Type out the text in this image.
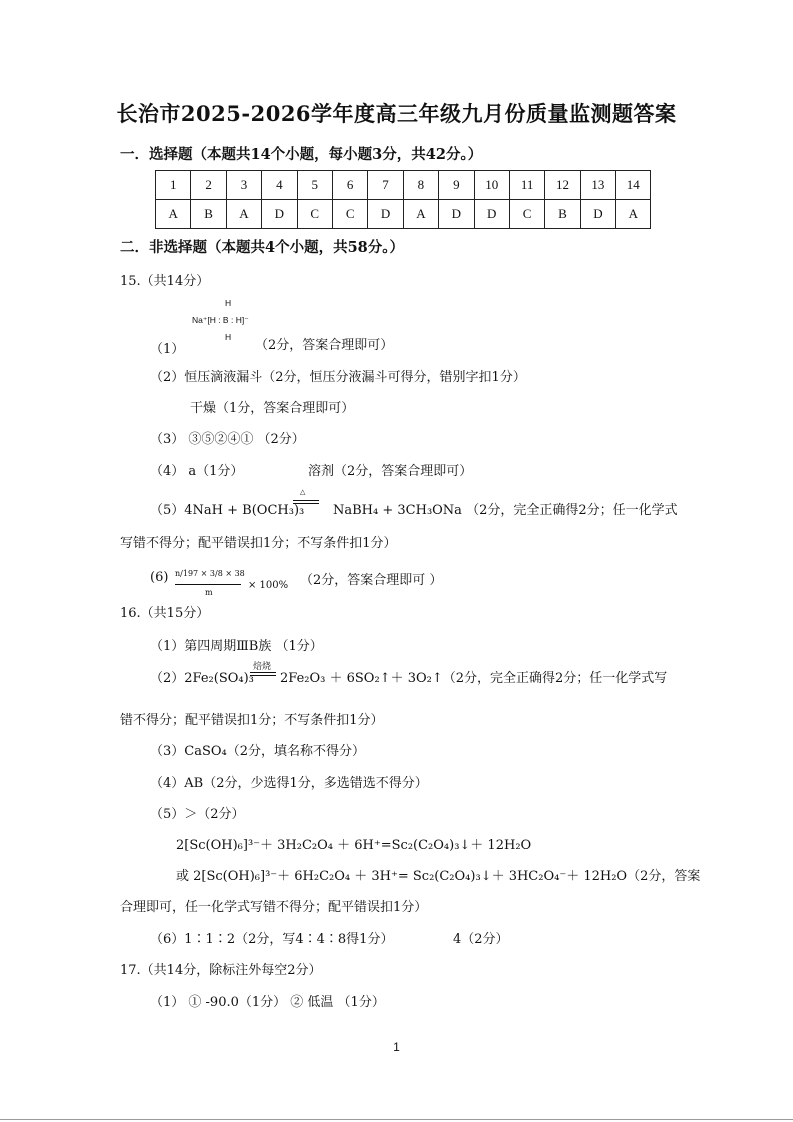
长治市2025-2026学年度高三年级九月份质量监测题答案
一．选择题（本题共14个小题，每小题3分，共42分。）
1	2	3	4	5	6	7	8	9	10	11	12	13	14
A	B	A	D	C	C	D	A	D	D	C	B	D	A
二．非选择题（本题共4个小题，共58分。）
15.（共14分）
H
Na⁺[H : B : H]⁻
H
（1）	（2分，答案合理即可）
（2）恒压滴液漏斗（2分，恒压分液漏斗可得分，错别字扣1分）
干燥（1分，答案合理即可）
（3） ③⑤②④① （2分）
（4） a（1分）	溶剂（2分，答案合理即可）
△
（5）4NaH + B(OCH₃)₃ NaBH₄ + 3CH₃ONa （2分，完全正确得2分；任一化学式
写错不得分；配平错误扣1分；不写条件扣1分）
(6) n/197 × 3/8 × 38
m
× 100% （2分，答案合理即可 ）
16.（共15分）
（1）第四周期ⅢB族 （1分）
焙烧
（2）2Fe₂(SO₄)₃ 2Fe₂O₃ ＋ 6SO₂↑＋ 3O₂↑（2分，完全正确得2分；任一化学式写
错不得分；配平错误扣1分；不写条件扣1分）
（3）CaSO₄（2分，填名称不得分）
（4）AB（2分，少选得1分，多选错选不得分）
（5）＞（2分）
2[Sc(OH)₆]³⁻＋ 3H₂C₂O₄ ＋ 6H⁺=Sc₂(C₂O₄)₃↓＋ 12H₂O
或 2[Sc(OH)₆]³⁻＋ 6H₂C₂O₄ ＋ 3H⁺= Sc₂(C₂O₄)₃↓＋ 3HC₂O₄⁻＋ 12H₂O（2分，答案
合理即可，任一化学式写错不得分；配平错误扣1分）
（6）1∶1∶2（2分，写4∶4∶8得1分）	4（2分）
17.（共14分，除标注外每空2分）
（1） ① -90.0（1分） ② 低温 （1分）
1
